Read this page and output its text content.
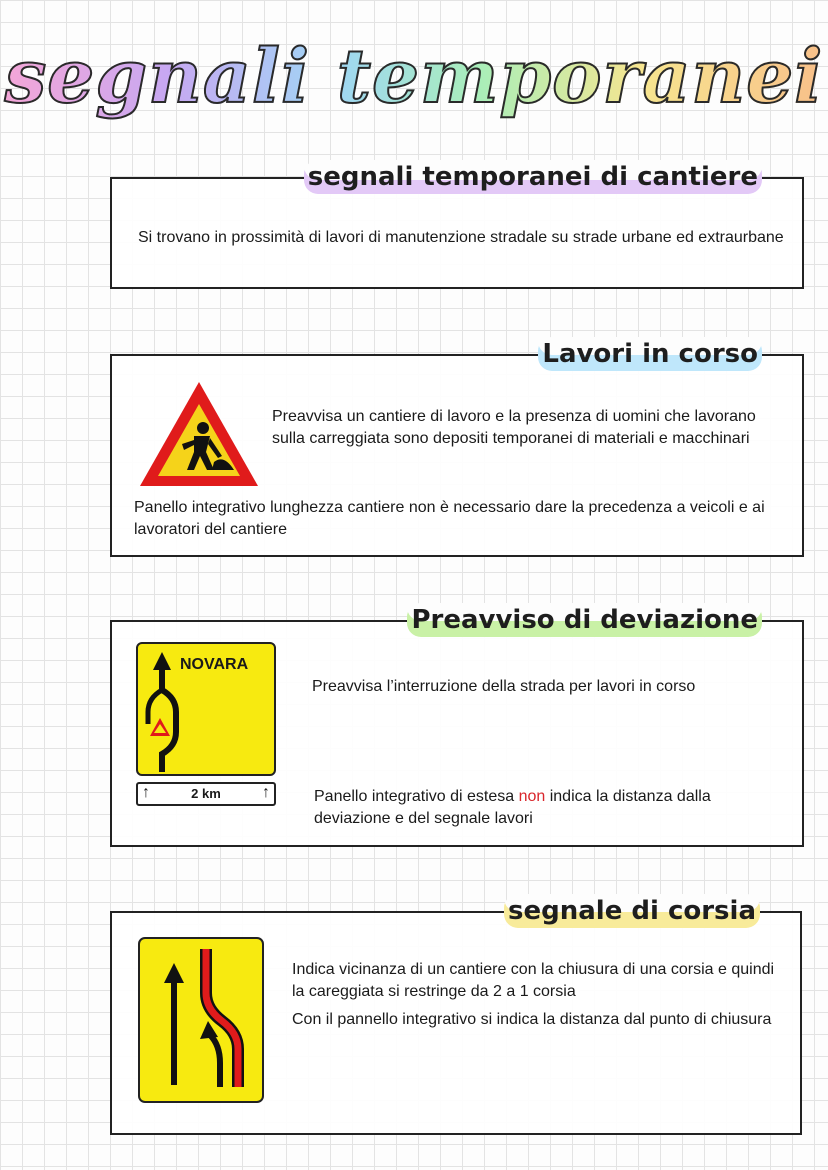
segnali temporanei
segnali temporanei di cantiere
Si trovano in prossimità di lavori di manutenzione stradale su strade urbane ed extraurbane
Lavori in corso
Preavvisa un cantiere di lavoro e la presenza di uomini che lavorano sulla carreggiata sono depositi temporanei di materiali e macchinari
Panello integrativo lunghezza cantiere non è necessario dare la precedenza a veicoli e ai lavoratori del cantiere
Preavviso di deviazione
NOVARA
↑	2 km	↑
Preavvisa l’interruzione della strada per lavori in corso
Panello integrativo di estesa non indica la distanza dalla deviazione e del segnale lavori
segnale di corsia
Indica vicinanza di un cantiere con la chiusura di una corsia e quindi la careggiata si restringe da 2 a 1 corsia
Con il pannello integrativo si indica la distanza dal punto di chiusura
